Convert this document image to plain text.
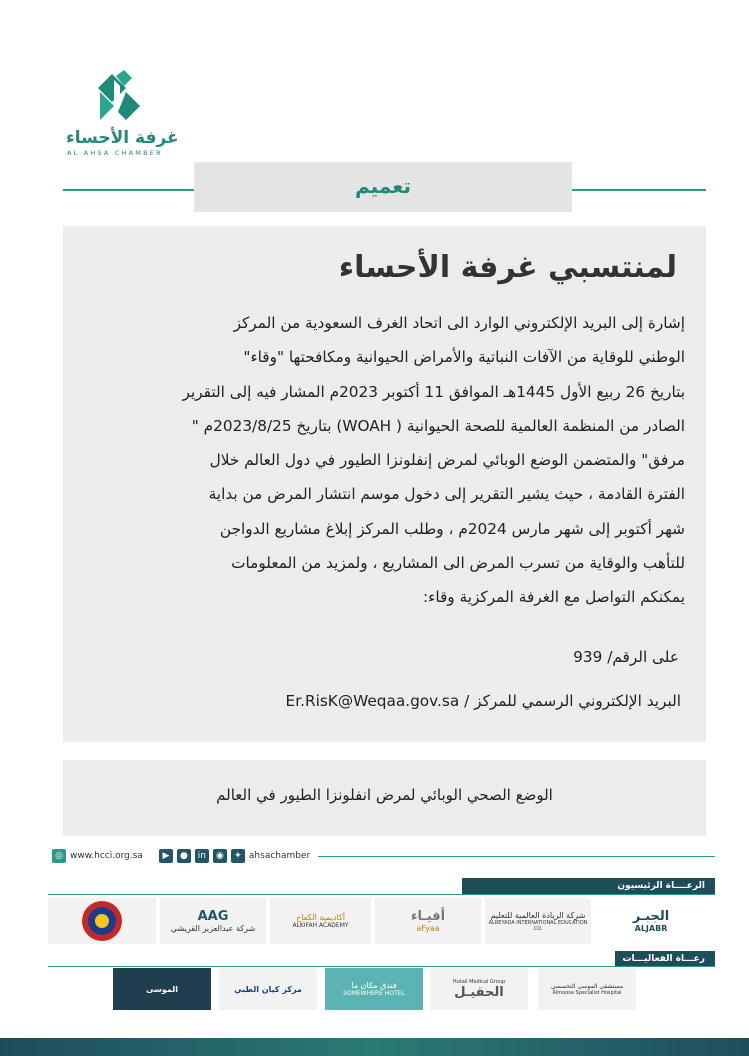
غرفة الأحساء
AL AHSA CHAMBER
تعميم
لمنتسبي غرفة الأحساء
إشارة إلى البريد الإلكتروني الوارد الى اتحاد الغرف السعودية من المركز
الوطني للوقاية من الآفات النباتية والأمراض الحيوانية ومكافحتها "وقاء"
بتاريخ 26 ربيع الأول 1445هـ الموافق 11 أكتوبر 2023م المشار فيه إلى التقرير
الصادر من المنظمة العالمية للصحة الحيوانية ( WOAH) بتاريخ 2023/8/25م "
مرفق" والمتضمن الوضع الوبائي لمرض إنفلونزا الطيور في دول العالم خلال
الفترة القادمة ، حيث يشير التقرير إلى دخول موسم انتشار المرض من بداية
شهر أكتوبر إلى شهر مارس 2024م ، وطلب المركز إبلاغ مشاريع الدواجن
للتأهب والوقاية من تسرب المرض الى المشاريع ، ولمزيد من المعلومات
يمكنكم التواصل مع الغرفة المركزية وقاء:
على الرقم/ 939
البريد الإلكتروني الرسمي للمركز / Er.RisK@Weqaa.gov.sa
الوضع الصحي الوبائي لمرض انفلونزا الطيور في العالم
◎ www.hcci.org.sa	▶	●	in	◉	✦ ahsachamber
الرعــــاة الرئيسيون
الجبـر
ALJABR
شركة الريادة العالمية للتعليم
ALREYADA INTERNATIONAL EDUCATION CO.
أفيـاء
aFyaa
أكاديمية الكفاح
ALKIFAH ACADEMY
AAG
شركة عبدالعزيز القريشي
رعـــاة الفعاليـــات
مستشفى الموسى التخصصي
Almoosa Specialist Hospital
Hutail Medical Group
الحقيـل
فندق مكان ما
SOMEWHERE HOTEL
مركز كيان الطبي
الموسى
